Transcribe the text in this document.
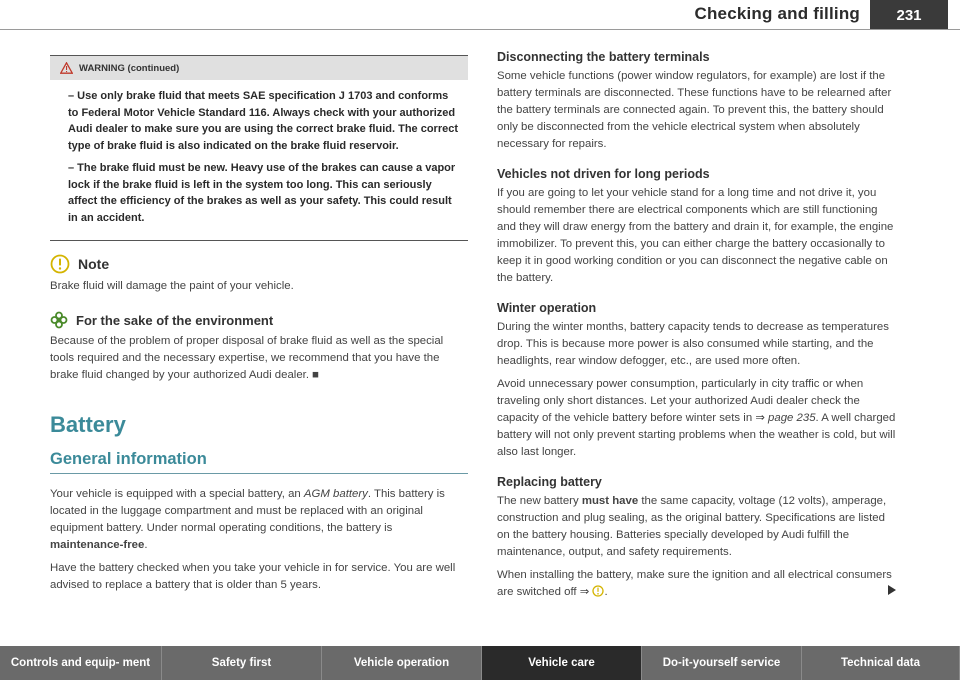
Checking and filling	231
WARNING (continued)

– Use only brake fluid that meets SAE specification J 1703 and conforms to Federal Motor Vehicle Standard 116. Always check with your authorized Audi dealer to make sure you are using the correct brake fluid. The correct type of brake fluid is also indicated on the brake fluid reservoir.

– The brake fluid must be new. Heavy use of the brakes can cause a vapor lock if the brake fluid is left in the system too long. This can seriously affect the efficiency of the brakes as well as your safety. This could result in an accident.

Note

Brake fluid will damage the paint of your vehicle.

For the sake of the environment

Because of the problem of proper disposal of brake fluid as well as the special tools required and the necessary expertise, we recommend that you have the brake fluid changed by your authorized Audi dealer. ■

Battery
General information

Your vehicle is equipped with a special battery, an AGM battery. This battery is located in the luggage compartment and must be replaced with an original equipment battery. Under normal operating conditions, the battery is maintenance-free.

Have the battery checked when you take your vehicle in for service. You are well advised to replace a battery that is older than 5 years.

Disconnecting the battery terminals

Some vehicle functions (power window regulators, for example) are lost if the battery terminals are disconnected. These functions have to be relearned after the battery terminals are connected again. To prevent this, the battery should only be disconnected from the vehicle electrical system when absolutely necessary for repairs.

Vehicles not driven for long periods

If you are going to let your vehicle stand for a long time and not drive it, you should remember there are electrical components which are still functioning and they will draw energy from the battery and drain it, for example, the engine immobilizer. To prevent this, you can either charge the battery occasionally to keep it in good working condition or you can disconnect the negative cable on the battery.

Winter operation

During the winter months, battery capacity tends to decrease as temperatures drop. This is because more power is also consumed while starting, and the headlights, rear window defogger, etc., are used more often.

Avoid unnecessary power consumption, particularly in city traffic or when traveling only short distances. Let your authorized Audi dealer check the capacity of the vehicle battery before winter sets in ⇒ page 235. A well charged battery will not only prevent starting problems when the weather is cold, but will also last longer.

Replacing battery

The new battery must have the same capacity, voltage (12 volts), amperage, construction and plug sealing, as the original battery. Specifications are listed on the battery housing. Batteries specially developed by Audi fulfill the maintenance, output, and safety requirements.

When installing the battery, make sure the ignition and all electrical consumers are switched off ⇒ .

Controls and equip- ment	Safety first	Vehicle operation	Vehicle care	Do-it-yourself service	Technical data
